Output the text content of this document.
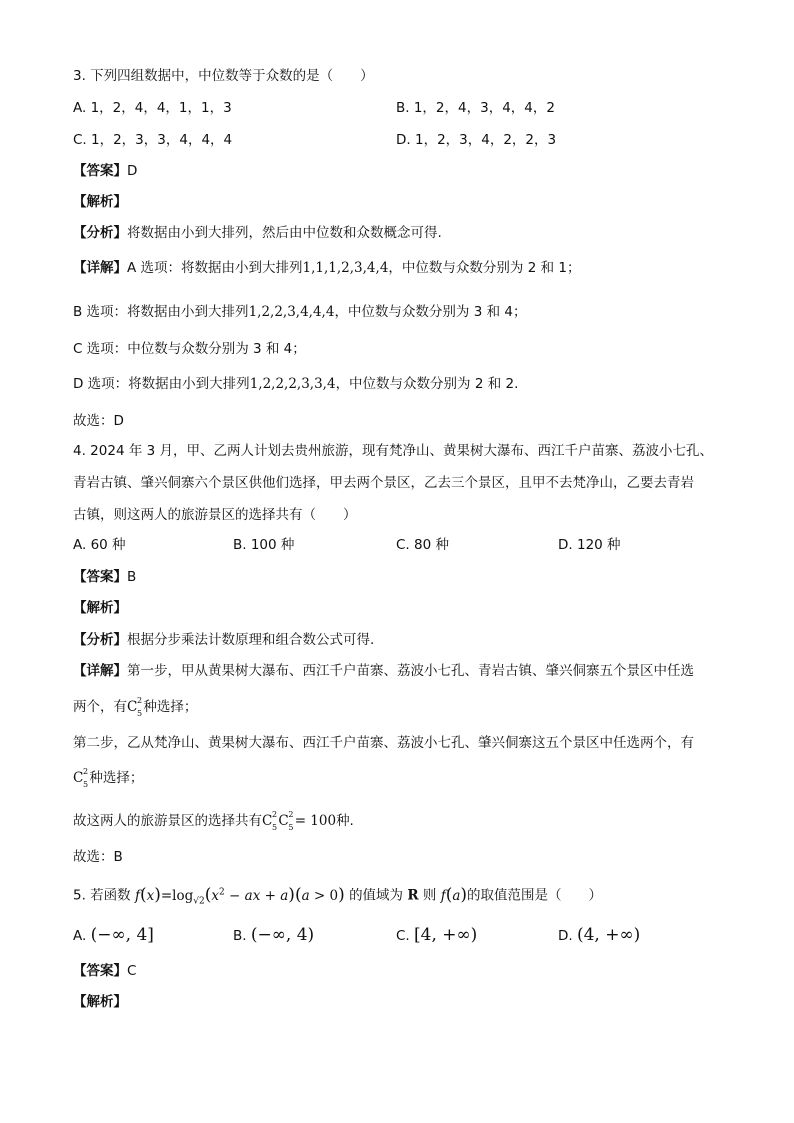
3. 下列四组数据中，中位数等于众数的是（　　）
A. 1，2，4，4，1，1，3	B. 1，2，4，3，4，4，2
C. 1，2，3，3，4，4，4	D. 1，2，3，4，2，2，3
【答案】D
【解析】
【分析】将数据由小到大排列，然后由中位数和众数概念可得.
【详解】A 选项：将数据由小到大排列1,1,1,2,3,4,4，中位数与众数分别为 2 和 1；
B 选项：将数据由小到大排列1,2,2,3,4,4,4，中位数与众数分别为 3 和 4；
C 选项：中位数与众数分别为 3 和 4；
D 选项：将数据由小到大排列1,2,2,2,3,3,4，中位数与众数分别为 2 和 2.
故选：D
4. 2024 年 3 月，甲、乙两人计划去贵州旅游，现有梵净山、黄果树大瀑布、西江千户苗寨、荔波小七孔、
青岩古镇、肇兴侗寨六个景区供他们选择，甲去两个景区，乙去三个景区，且甲不去梵净山，乙要去青岩
古镇，则这两人的旅游景区的选择共有（　　）
A. 60 种	B. 100 种	C. 80 种	D. 120 种
【答案】B
【解析】
【分析】根据分步乘法计数原理和组合数公式可得.
【详解】第一步，甲从黄果树大瀑布、西江千户苗寨、荔波小七孔、青岩古镇、肇兴侗寨五个景区中任选
两个，有C 2
5 种选择；
第二步，乙从梵净山、黄果树大瀑布、西江千户苗寨、荔波小七孔、肇兴侗寨这五个景区中任选两个，有
C 2
5 种选择；
故这两人的旅游景区的选择共有C 2
5 C 2
5 = 100种.
故选：B
5. 若函数 $f(x)=\log_{√2}(x^2$ − ax + a)(a > 0) 的值域为 R 则 f(a)的取值范围是（　　）
A. (−∞, 4]	B. (−∞, 4)	C. [4, +∞)	D. (4, +∞)
【答案】C
【解析】
